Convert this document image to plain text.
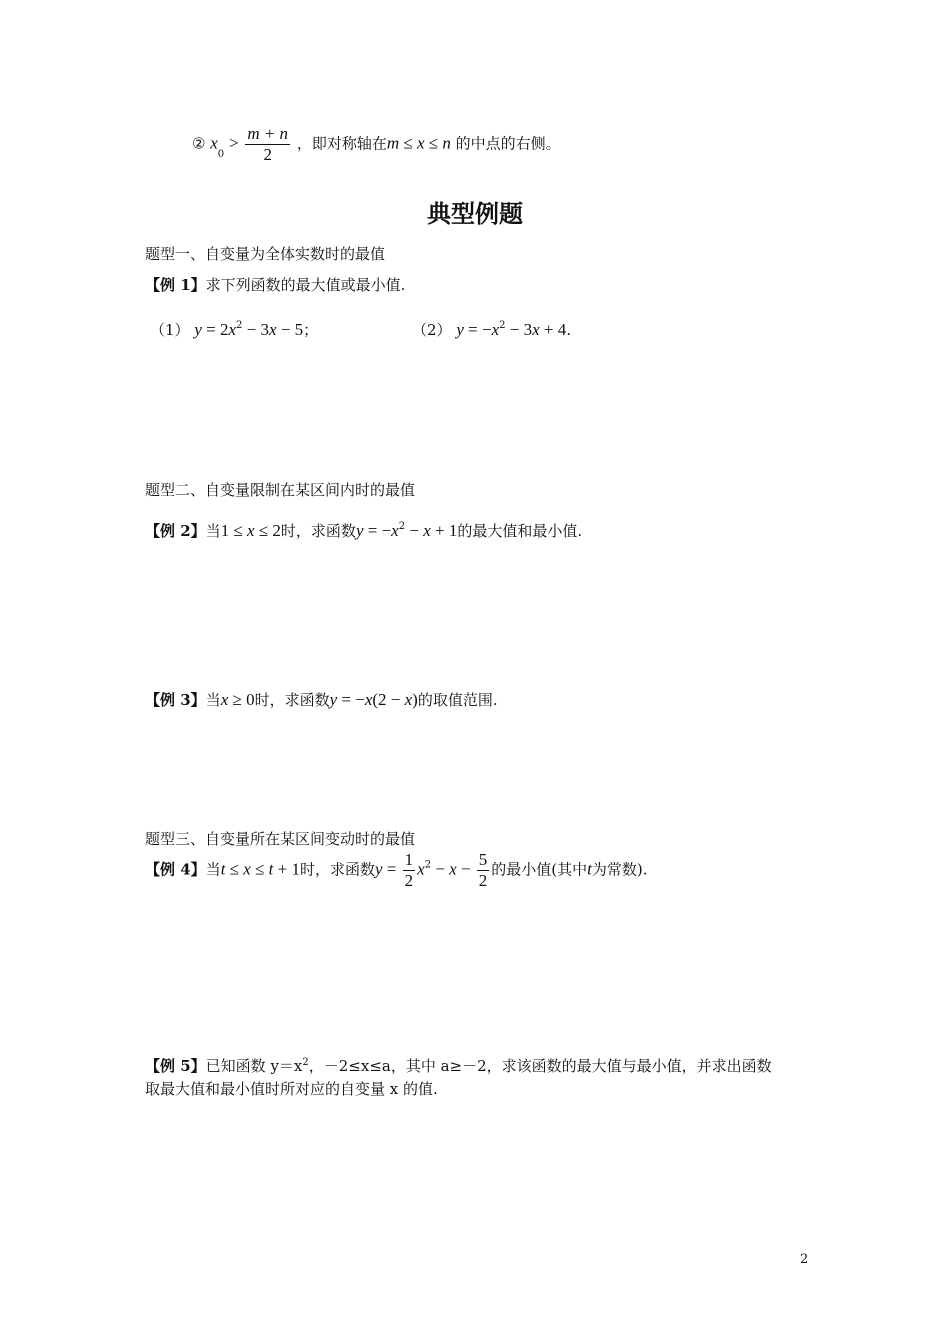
② $x_0 > \frac{m + n}{2}$ ，即对称轴在m ≤ x ≤ n 的中点的右侧。
典型例题
题型一、自变量为全体实数时的最值
【例 1】求下列函数的最大值或最小值.
（1） $y = 2x^2 - 3x - 5$；	（2） $y = -x^2 - 3x + 4$.
题型二、自变量限制在某区间内时的最值
【例 2】当1 ≤ x ≤ 2时，求函数$y = -x^2 - x + 1$的最大值和最小值.
【例 3】当x ≥ 0时，求函数y = −x(2 − x)的取值范围.
题型三、自变量所在某区间变动时的最值
【例 4】当t ≤ x ≤ t + 1时，求函数$y = \frac{1}{2} x^2 - x - \frac{5}{2}$ 的最小值(其中t为常数).
【例 5】已知函数 $y=x^2$，－2≤x≤a，其中 a≥－2，求该函数的最大值与最小值，并求出函数
取最大值和最小值时所对应的自变量 x 的值.
2
